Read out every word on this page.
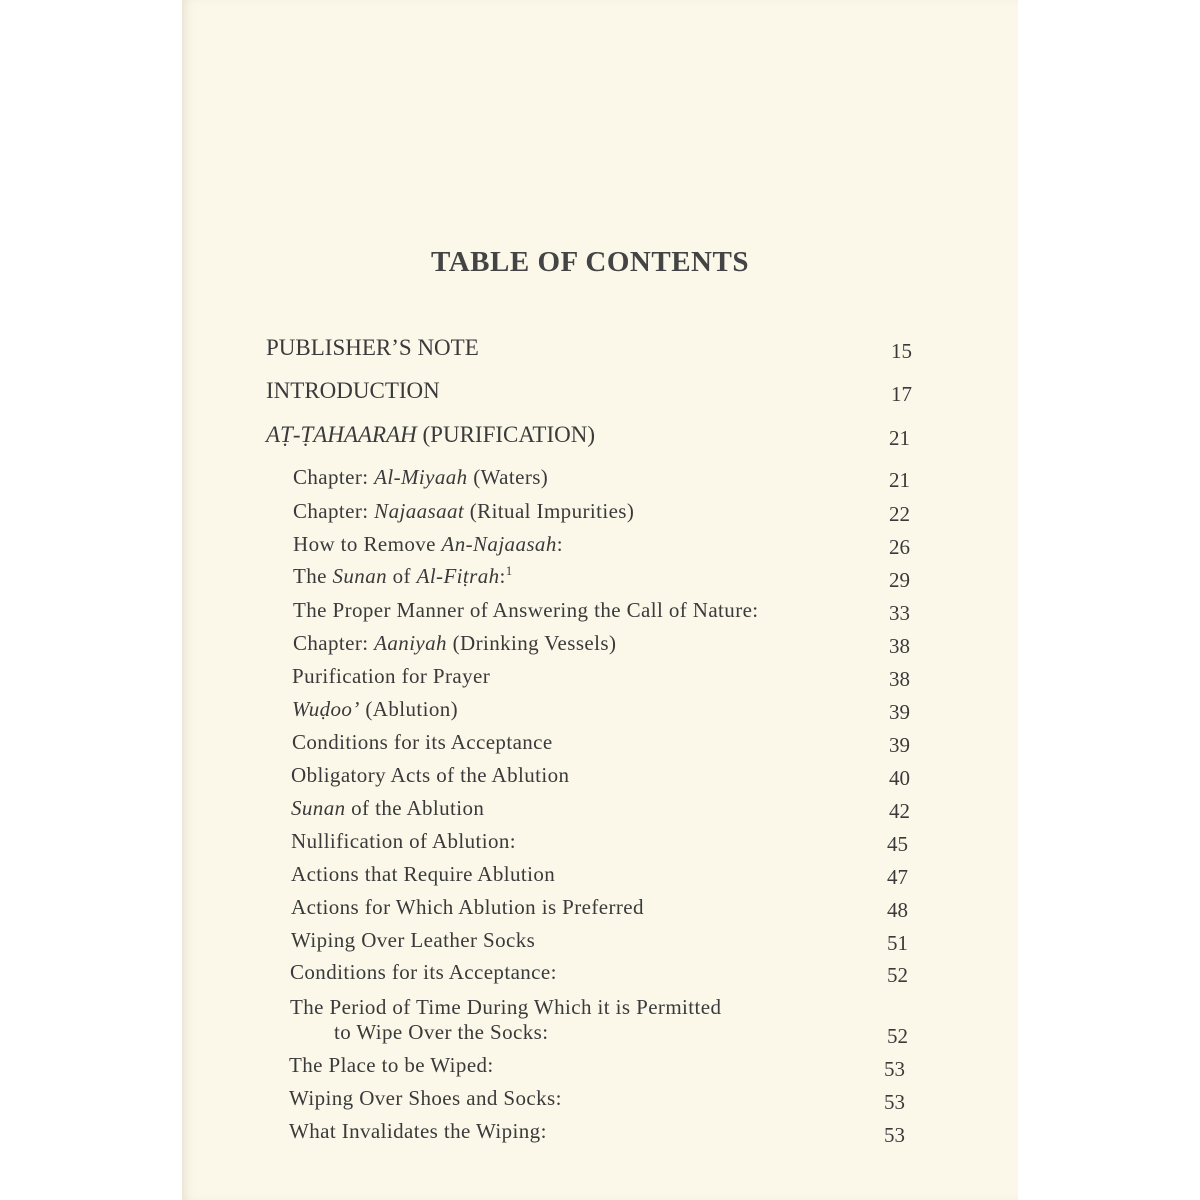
TABLE OF CONTENTS
PUBLISHER’S NOTE	15
INTRODUCTION	17
AṬ-ṬAHAARAH (PURIFICATION)	21
Chapter: Al-Miyaah (Waters)	21
Chapter: Najaasaat (Ritual Impurities)	22
How to Remove An-Najaasah:	26
The Sunan of Al-Fiṭrah:$^1$	29
The Proper Manner of Answering the Call of Nature:	33
Chapter: Aaniyah (Drinking Vessels)	38
Purification for Prayer	38
Wuḍoo’ (Ablution)	39
Conditions for its Acceptance	39
Obligatory Acts of the Ablution	40
Sunan of the Ablution	42
Nullification of Ablution:	45
Actions that Require Ablution	47
Actions for Which Ablution is Preferred	48
Wiping Over Leather Socks	51
Conditions for its Acceptance:	52
The Period of Time During Which it is Permitted
to Wipe Over the Socks:	52
The Place to be Wiped:	53
Wiping Over Shoes and Socks:	53
What Invalidates the Wiping:	53
